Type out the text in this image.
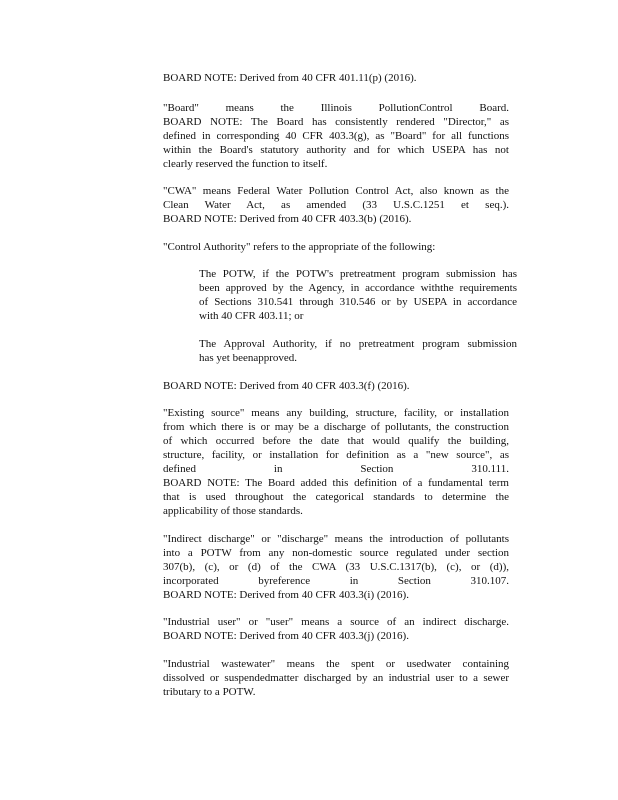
BOARD NOTE: Derived from 40 CFR 401.11(p) (2016).
"Board" means the Illinois PollutionControl Board.
BOARD NOTE: The Board has consistently rendered "Director," as
defined in corresponding 40 CFR 403.3(g), as "Board" for all functions
within the Board's statutory authority and for which USEPA has not
clearly reserved the function to itself.
"CWA" means Federal Water Pollution Control Act, also known as the
Clean Water Act, as amended (33 U.S.C.1251 et seq.).
BOARD NOTE: Derived from 40 CFR 403.3(b) (2016).
"Control Authority" refers to the appropriate of the following:
The POTW, if the POTW's pretreatment program submission has
been approved by the Agency, in accordance withthe requirements
of Sections 310.541 through 310.546 or by USEPA in accordance
with 40 CFR 403.11; or
The Approval Authority, if no pretreatment program submission
has yet beenapproved.
BOARD NOTE: Derived from 40 CFR 403.3(f) (2016).
"Existing source" means any building, structure, facility, or installation
from which there is or may be a discharge of pollutants, the construction
of which occurred before the date that would qualify the building,
structure, facility, or installation for definition as a "new source", as
defined in Section 310.111.
BOARD NOTE: The Board added this definition of a fundamental term
that is used throughout the categorical standards to determine the
applicability of those standards.
"Indirect discharge" or "discharge" means the introduction of pollutants
into a POTW from any non-domestic source regulated under section
307(b), (c), or (d) of the CWA (33 U.S.C.1317(b), (c), or (d)),
incorporated byreference in Section 310.107.
BOARD NOTE: Derived from 40 CFR 403.3(i) (2016).
"Industrial user" or "user" means a source of an indirect discharge.
BOARD NOTE: Derived from 40 CFR 403.3(j) (2016).
"Industrial wastewater" means the spent or usedwater containing
dissolved or suspendedmatter discharged by an industrial user to a sewer
tributary to a POTW.
